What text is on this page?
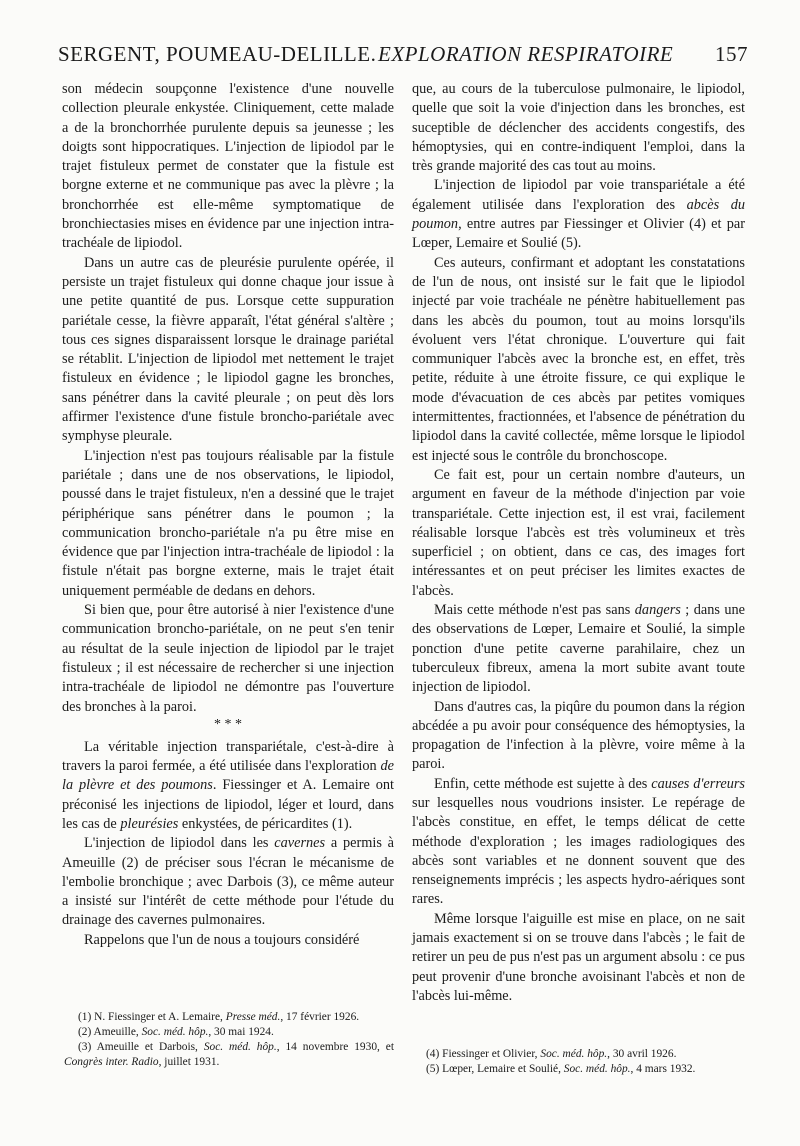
SERGENT, POUMEAU-DELILLE. EXPLORATION RESPIRATOIRE 157

son médecin soupçonne l'existence d'une nouvelle collection pleurale enkystée. Cliniquement, cette malade a de la bronchorrhée purulente depuis sa jeunesse ; les doigts sont hippocratiques. L'injection de lipiodol par le trajet fistuleux permet de constater que la fistule est borgne externe et ne communique pas avec la plèvre ; la bronchorrhée est elle-même symptomatique de bronchiectasies mises en évidence par une injection intra-trachéale de lipiodol.

Dans un autre cas de pleurésie purulente opérée, il persiste un trajet fistuleux qui donne chaque jour issue à une petite quantité de pus. Lorsque cette suppuration pariétale cesse, la fièvre apparaît, l'état général s'altère ; tous ces signes disparaissent lorsque le drainage pariétal se rétablit. L'injection de lipiodol met nettement le trajet fistuleux en évidence ; le lipiodol gagne les bronches, sans pénétrer dans la cavité pleurale ; on peut dès lors affirmer l'existence d'une fistule broncho-pariétale avec symphyse pleurale.

L'injection n'est pas toujours réalisable par la fistule pariétale ; dans une de nos observations, le lipiodol, poussé dans le trajet fistuleux, n'en a dessiné que le trajet périphérique sans pénétrer dans le poumon ; la communication broncho-pariétale n'a pu être mise en évidence que par l'injection intra-trachéale de lipiodol : la fistule n'était pas borgne externe, mais le trajet était uniquement perméable de dedans en dehors.

Si bien que, pour être autorisé à nier l'existence d'une communication broncho-pariétale, on ne peut s'en tenir au résultat de la seule injection de lipiodol par le trajet fistuleux ; il est nécessaire de rechercher si une injection intra-trachéale de lipiodol ne démontre pas l'ouverture des bronches à la paroi.

* * *

La véritable injection transpariétale, c'est-à-dire à travers la paroi fermée, a été utilisée dans l'exploration de la plèvre et des poumons. Fiessinger et A. Lemaire ont préconisé les injections de lipiodol, léger et lourd, dans les cas de pleurésies enkystées, de péricardites (1).

L'injection de lipiodol dans les cavernes a permis à Ameuille (2) de préciser sous l'écran le mécanisme de l'embolie bronchique ; avec Darbois (3), ce même auteur a insisté sur l'intérêt de cette méthode pour l'étude du drainage des cavernes pulmonaires.

Rappelons que l'un de nous a toujours considéré

que, au cours de la tuberculose pulmonaire, le lipiodol, quelle que soit la voie d'injection dans les bronches, est suceptible de déclencher des accidents congestifs, des hémoptysies, qui en contre-indiquent l'emploi, dans la très grande majorité des cas tout au moins.

L'injection de lipiodol par voie transpariétale a été également utilisée dans l'exploration des abcès du poumon, entre autres par Fiessinger et Olivier (4) et par Lœper, Lemaire et Soulié (5).

Ces auteurs, confirmant et adoptant les constatations de l'un de nous, ont insisté sur le fait que le lipiodol injecté par voie trachéale ne pénètre habituellement pas dans les abcès du poumon, tout au moins lorsqu'ils évoluent vers l'état chronique. L'ouverture qui fait communiquer l'abcès avec la bronche est, en effet, très petite, réduite à une étroite fissure, ce qui explique le mode d'évacuation de ces abcès par petites vomiques intermittentes, fractionnées, et l'absence de pénétration du lipiodol dans la cavité collectée, même lorsque le lipiodol est injecté sous le contrôle du bronchoscope.

Ce fait est, pour un certain nombre d'auteurs, un argument en faveur de la méthode d'injection par voie transpariétale. Cette injection est, il est vrai, facilement réalisable lorsque l'abcès est très volumineux et très superficiel ; on obtient, dans ce cas, des images fort intéressantes et on peut préciser les limites exactes de l'abcès.

Mais cette méthode n'est pas sans dangers ; dans une des observations de Lœper, Lemaire et Soulié, la simple ponction d'une petite caverne parahilaire, chez un tuberculeux fibreux, amena la mort subite avant toute injection de lipiodol.

Dans d'autres cas, la piqûre du poumon dans la région abcédée a pu avoir pour conséquence des hémoptysies, la propagation de l'infection à la plèvre, voire même à la paroi.

Enfin, cette méthode est sujette à des causes d'erreurs sur lesquelles nous voudrions insister. Le repérage de l'abcès constitue, en effet, le temps délicat de cette méthode d'exploration ; les images radiologiques des abcès sont variables et ne donnent souvent que des renseignements imprécis ; les aspects hydro-aériques sont rares.

Même lorsque l'aiguille est mise en place, on ne sait jamais exactement si on se trouve dans l'abcès ; le fait de retirer un peu de pus n'est pas un argument absolu : ce pus peut provenir d'une bronche avoisinant l'abcès et non de l'abcès lui-même.

(1) N. Fiessinger et A. Lemaire, Presse méd., 17 février 1926.

(2) Ameuille, Soc. méd. hôp., 30 mai 1924.

(3) Ameuille et Darbois, Soc. méd. hôp., 14 novembre 1930, et Congrès inter. Radio, juillet 1931.

(4) Fiessinger et Olivier, Soc. méd. hôp., 30 avril 1926.

(5) Lœper, Lemaire et Soulié, Soc. méd. hôp., 4 mars 1932.
